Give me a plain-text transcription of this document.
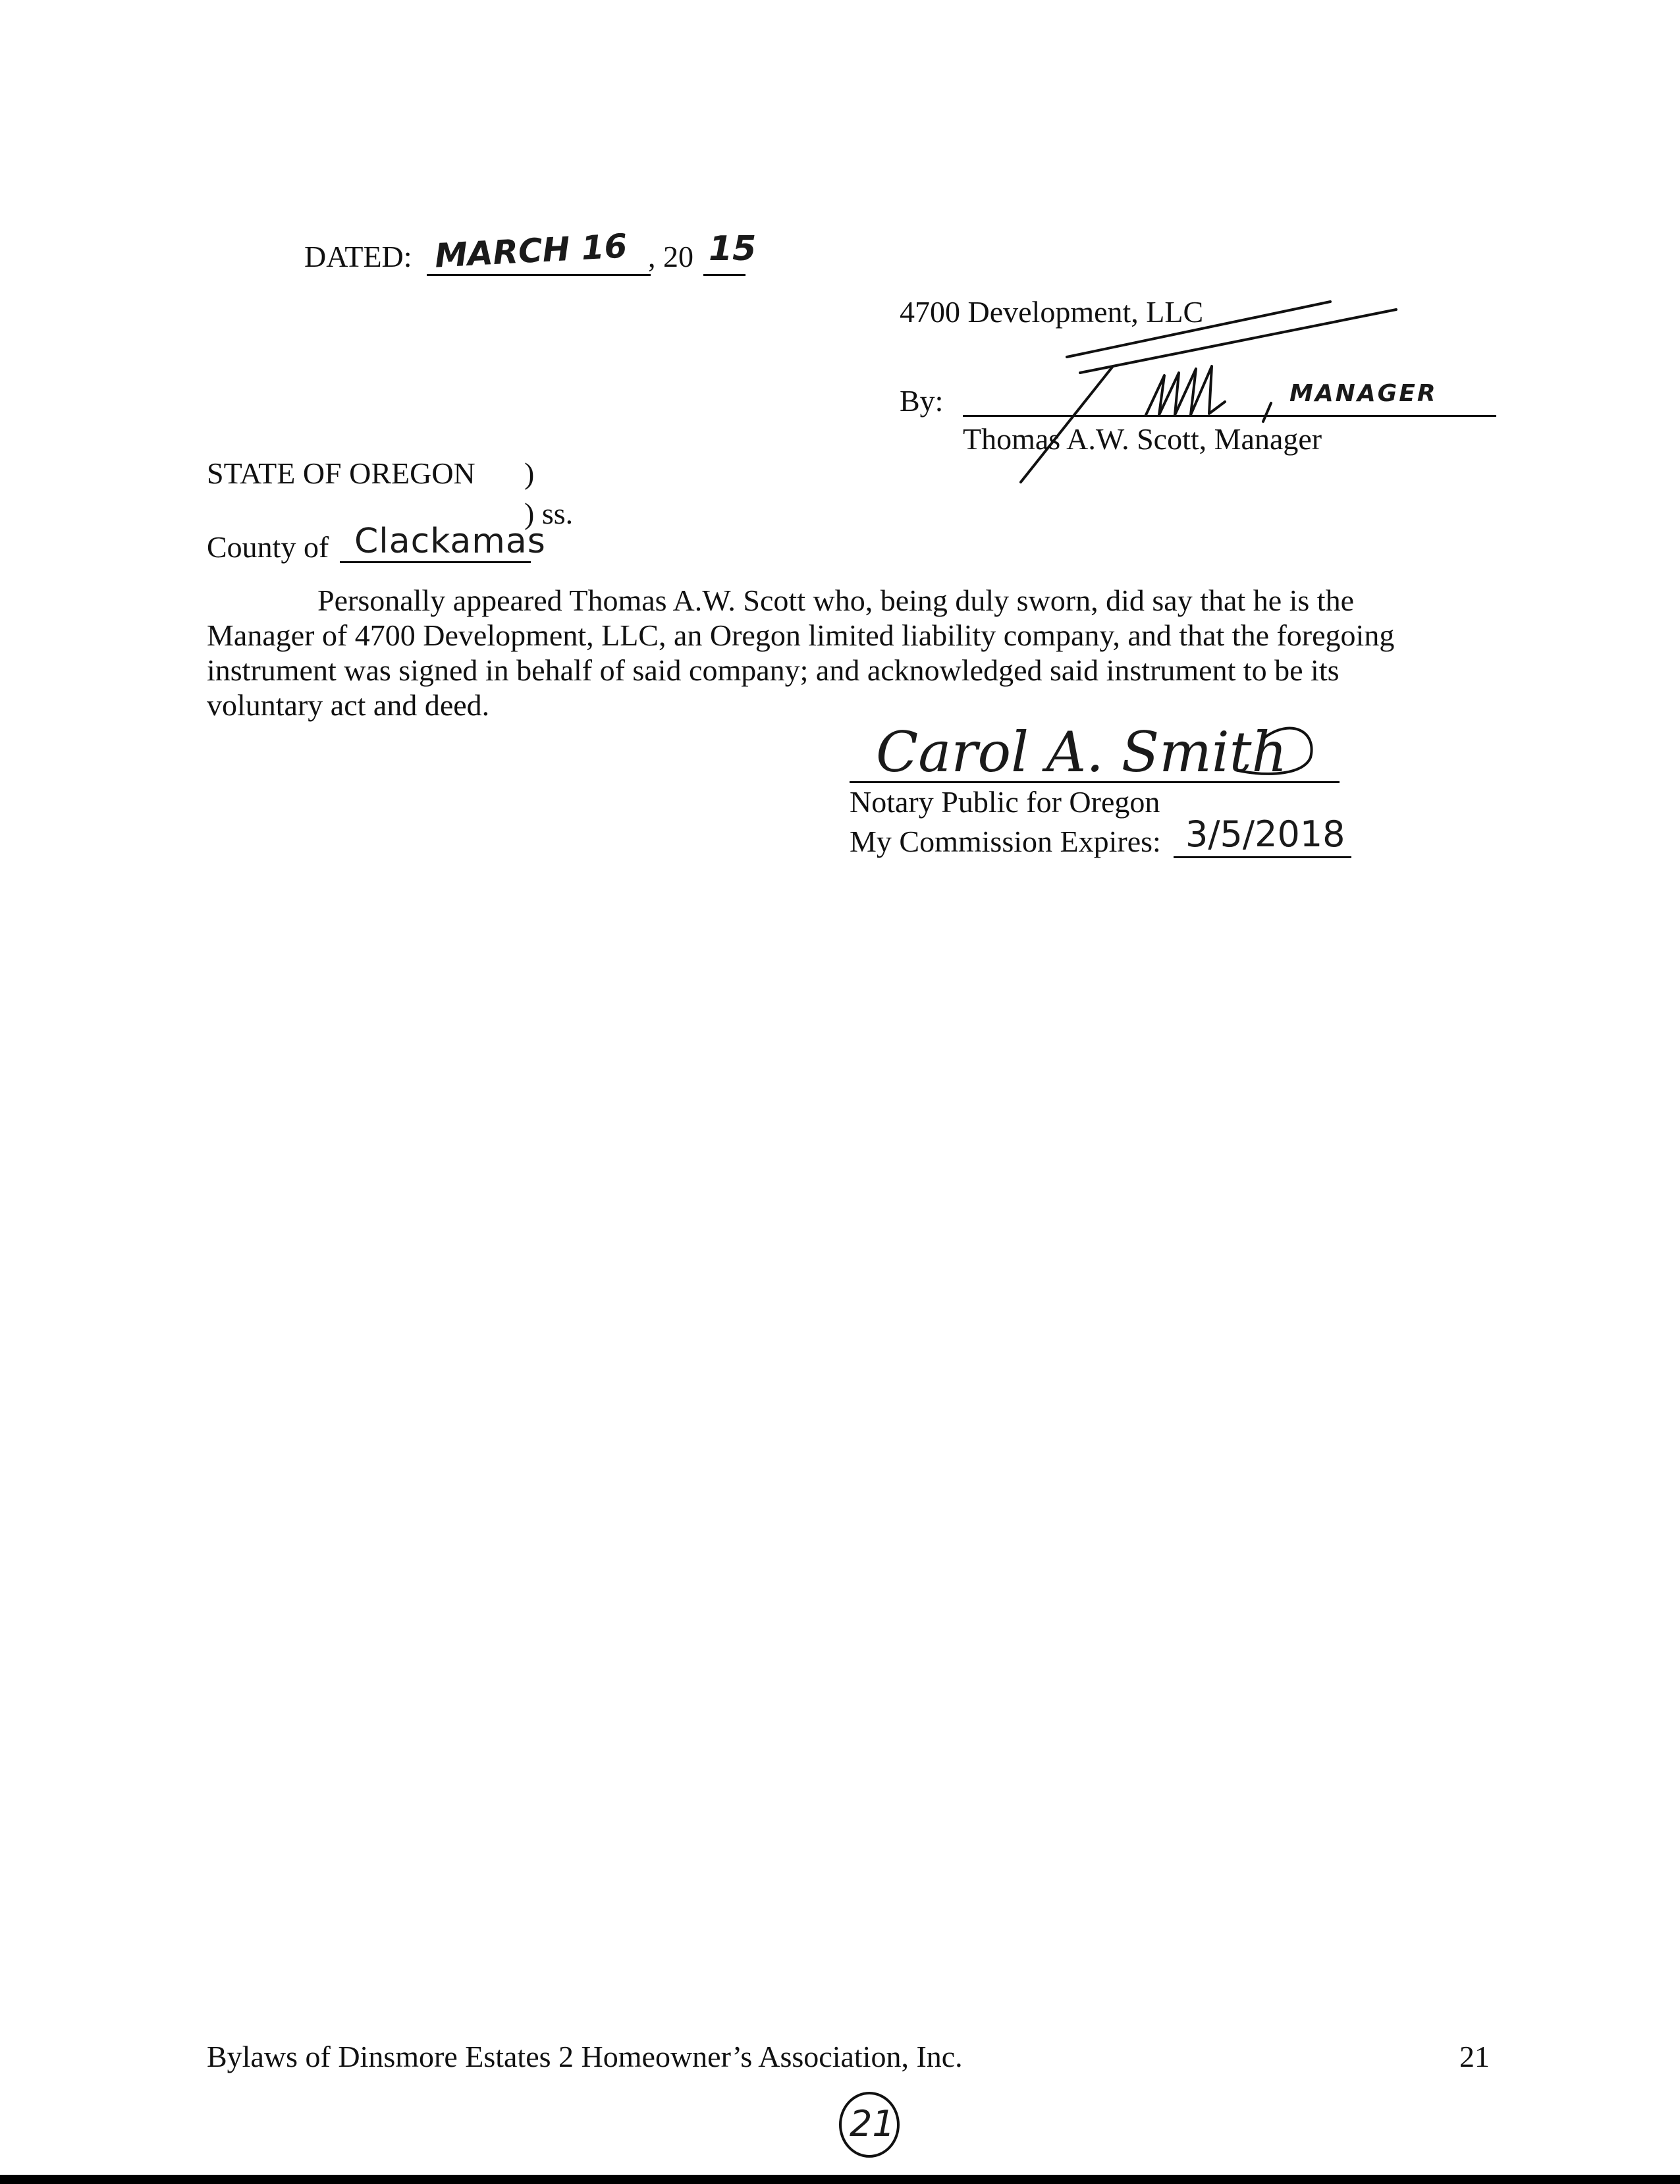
DATED: MARCH 16 , 20 15
4700 Development, LLC
By:	MANAGER
Thomas A.W. Scott, Manager
STATE OF OREGON )
) ss.
County of Clackamas
Personally appeared Thomas A.W. Scott who, being duly sworn, did say that he is the
Manager of 4700 Development, LLC, an Oregon limited liability company, and that the foregoing
instrument was signed in behalf of said company; and acknowledged said instrument to be its
voluntary act and deed.
Carol A. Smith
Notary Public for Oregon
My Commission Expires: 3/5/2018
Bylaws of Dinsmore Estates 2 Homeowner’s Association, Inc.	21
21
